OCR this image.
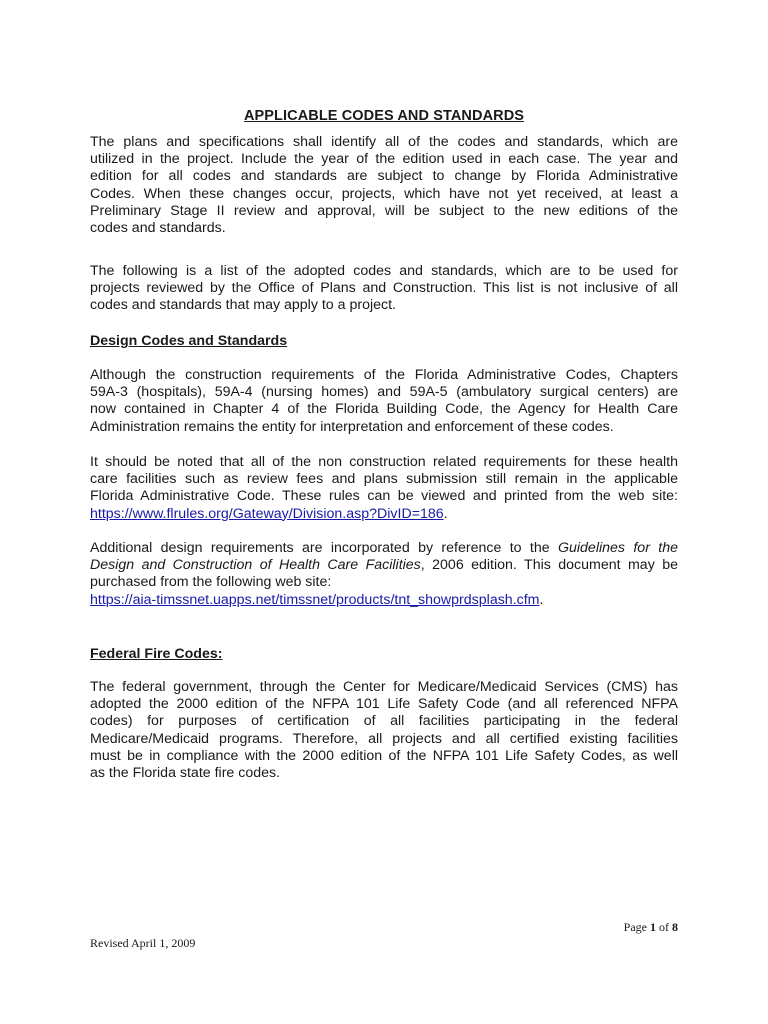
APPLICABLE CODES AND STANDARDS
The plans and specifications shall identify all of the codes and standards, which are
utilized in the project. Include the year of the edition used in each case. The year and
edition for all codes and standards are subject to change by Florida Administrative
Codes. When these changes occur, projects, which have not yet received, at least a
Preliminary Stage II review and approval, will be subject to the new editions of the
codes and standards.
The following is a list of the adopted codes and standards, which are to be used for
projects reviewed by the Office of Plans and Construction. This list is not inclusive of all
codes and standards that may apply to a project.
Design Codes and Standards
Although the construction requirements of the Florida Administrative Codes, Chapters
59A-3 (hospitals), 59A-4 (nursing homes) and 59A-5 (ambulatory surgical centers) are
now contained in Chapter 4 of the Florida Building Code, the Agency for Health Care
Administration remains the entity for interpretation and enforcement of these codes.
It should be noted that all of the non construction related requirements for these health
care facilities such as review fees and plans submission still remain in the applicable
Florida Administrative Code. These rules can be viewed and printed from the web site:
https://www.flrules.org/Gateway/Division.asp?DivID=186.
Additional design requirements are incorporated by reference to the Guidelines for the
Design and Construction of Health Care Facilities, 2006 edition. This document may be
purchased from the following web site:
https://aia-timssnet.uapps.net/timssnet/products/tnt_showprdsplash.cfm.
Federal Fire Codes:
The federal government, through the Center for Medicare/Medicaid Services (CMS) has
adopted the 2000 edition of the NFPA 101 Life Safety Code (and all referenced NFPA
codes) for purposes of certification of all facilities participating in the federal
Medicare/Medicaid programs. Therefore, all projects and all certified existing facilities
must be in compliance with the 2000 edition of the NFPA 101 Life Safety Codes, as well
as the Florida state fire codes.
Page 1 of 8
Revised April 1, 2009
